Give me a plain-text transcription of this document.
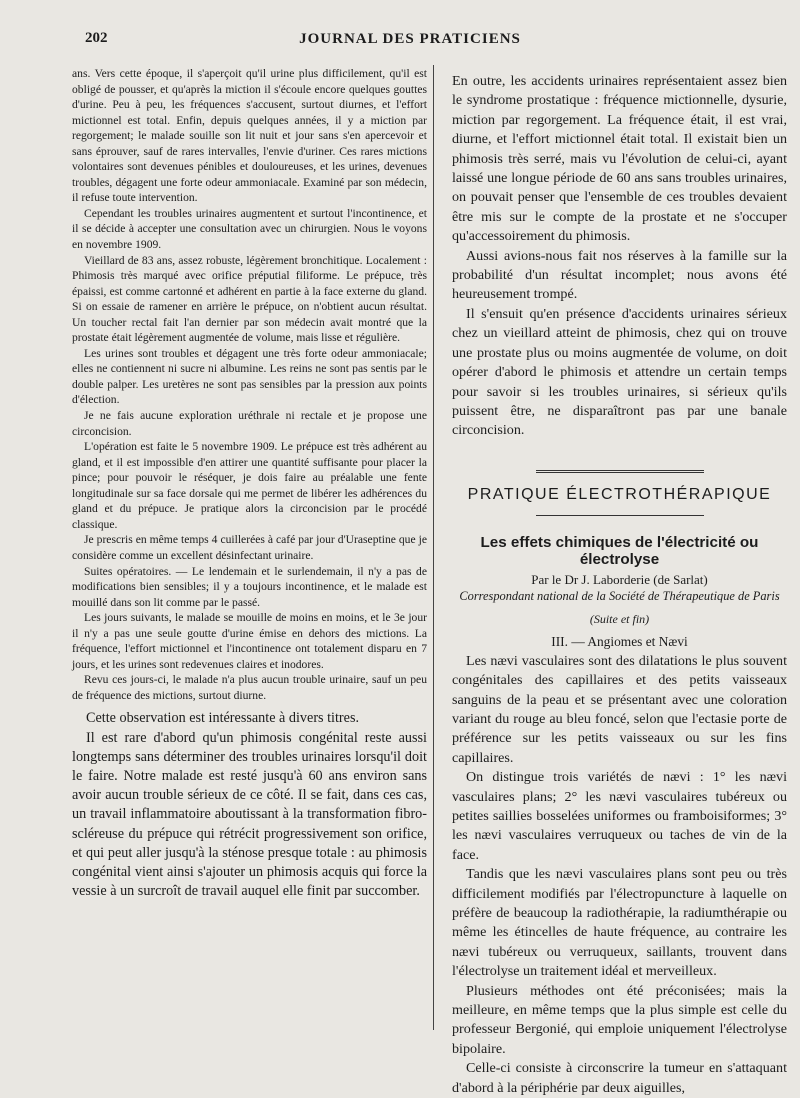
202	JOURNAL DES PRATICIENS

ans. Vers cette époque, il s'aperçoit qu'il urine plus difficilement, qu'il est obligé de pousser, et qu'après la miction il s'écoule encore quelques gouttes d'urine. Peu à peu, les fréquences s'accusent, surtout diurnes, et l'effort mictionnel est total. Enfin, depuis quelques années, il y a miction par regorgement; le malade souille son lit nuit et jour sans s'en apercevoir et sans éprouver, sauf de rares intervalles, l'envie d'uriner. Ces rares mictions volontaires sont devenues pénibles et douloureuses, et les urines, devenues troubles, dégagent une forte odeur ammoniacale. Examiné par son médecin, il refuse toute intervention.

Cependant les troubles urinaires augmentent et surtout l'incontinence, et il se décide à accepter une consultation avec un chirurgien. Nous le voyons en novembre 1909.

Vieillard de 83 ans, assez robuste, légèrement bronchitique. Localement : Phimosis très marqué avec orifice préputial filiforme. Le prépuce, très épaissi, est comme cartonné et adhérent en partie à la face externe du gland. Si on essaie de ramener en arrière le prépuce, on n'obtient aucun résultat. Un toucher rectal fait l'an dernier par son médecin avait montré que la prostate était légèrement augmentée de volume, mais lisse et régulière.

Les urines sont troubles et dégagent une très forte odeur ammoniacale; elles ne contiennent ni sucre ni albumine. Les reins ne sont pas sentis par le double palper. Les uretères ne sont pas sensibles par la pression aux points d'élection.

Je ne fais aucune exploration uréthrale ni rectale et je propose une circoncision.

L'opération est faite le 5 novembre 1909. Le prépuce est très adhérent au gland, et il est impossible d'en attirer une quantité suffisante pour placer la pince; pour pouvoir le réséquer, je dois faire au préalable une fente longitudinale sur sa face dorsale qui me permet de libérer les adhérences du gland et du prépuce. Je pratique alors la circoncision par le procédé classique.

Je prescris en même temps 4 cuillerées à café par jour d'Uraseptine que je considère comme un excellent désinfectant urinaire.

Suites opératoires. — Le lendemain et le surlendemain, il n'y a pas de modifications bien sensibles; il y a toujours incontinence, et le malade est mouillé dans son lit comme par le passé.

Les jours suivants, le malade se mouille de moins en moins, et le 3e jour il n'y a pas une seule goutte d'urine émise en dehors des mictions. La fréquence, l'effort mictionnel et l'incontinence ont totalement disparu en 7 jours, et les urines sont redevenues claires et inodores.

Revu ces jours-ci, le malade n'a plus aucun trouble urinaire, sauf un peu de fréquence des mictions, surtout diurne.

Cette observation est intéressante à divers titres.

Il est rare d'abord qu'un phimosis congénital reste aussi longtemps sans déterminer des troubles urinaires lorsqu'il doit le faire. Notre malade est resté jusqu'à 60 ans environ sans avoir aucun trouble sérieux de ce côté. Il se fait, dans ces cas, un travail inflammatoire aboutissant à la transformation fibro-scléreuse du prépuce qui rétrécit progressivement son orifice, et qui peut aller jusqu'à la sténose presque totale : au phimosis congénital vient ainsi s'ajouter un phimosis acquis qui force la vessie à un surcroît de travail auquel elle finit par succomber.

En outre, les accidents urinaires représentaient assez bien le syndrome prostatique : fréquence mictionnelle, dysurie, miction par regorgement. La fréquence était, il est vrai, diurne, et l'effort mictionnel était total. Il existait bien un phimosis très serré, mais vu l'évolution de celui-ci, ayant laissé une longue période de 60 ans sans troubles urinaires, on pouvait penser que l'ensemble de ces troubles devaient être mis sur le compte de la prostate et ne s'occuper qu'accessoirement du phimosis.

Aussi avions-nous fait nos réserves à la famille sur la probabilité d'un résultat incomplet; nous avons été heureusement trompé.

Il s'ensuit qu'en présence d'accidents urinaires sérieux chez un vieillard atteint de phimosis, chez qui on trouve une prostate plus ou moins augmentée de volume, on doit opérer d'abord le phimosis et attendre un certain temps pour savoir si les troubles urinaires, si sérieux qu'ils puissent être, ne disparaîtront pas par une banale circoncision.

PRATIQUE ÉLECTROTHÉRAPIQUE
Les effets chimiques de l'électricité ou électrolyse
Par le Dr J. Laborderie (de Sarlat)
Correspondant national de la Société de Thérapeutique de Paris
(Suite et fin)
III. — Angiomes et Nævi

Les nævi vasculaires sont des dilatations le plus souvent congénitales des capillaires et des petits vaisseaux sanguins de la peau et se présentant avec une coloration variant du rouge au bleu foncé, selon que l'ectasie porte de préférence sur les petits vaisseaux ou sur les fins capillaires.

On distingue trois variétés de nævi : 1° les nævi vasculaires plans; 2° les nævi vasculaires tubéreux ou petites saillies bosselées uniformes ou framboisiformes; 3° les nævi vasculaires verruqueux ou taches de vin de la face.

Tandis que les nævi vasculaires plans sont peu ou très difficilement modifiés par l'électropuncture à laquelle on préfère de beaucoup la radiothérapie, la radiumthérapie ou même les étincelles de haute fréquence, au contraire les nævi tubéreux ou verruqueux, saillants, trouvent dans l'électrolyse un traitement idéal et merveilleux.

Plusieurs méthodes ont été préconisées; mais la meilleure, en même temps que la plus simple est celle du professeur Bergonié, qui emploie uniquement l'électrolyse bipolaire.

Celle-ci consiste à circonscrire la tumeur en s'attaquant d'abord à la périphérie par deux aiguilles,
